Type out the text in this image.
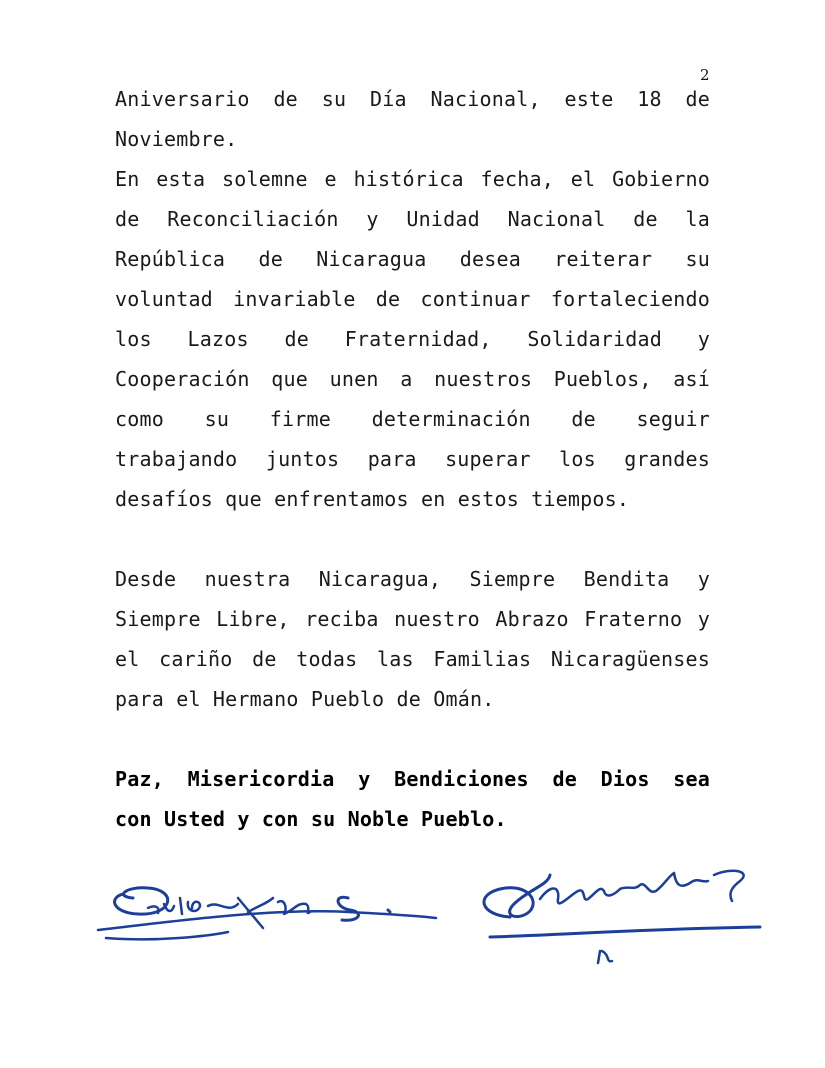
2
Aniversario de su Día Nacional, este 18 de
Noviembre.
En esta solemne e histórica fecha, el Gobierno
de Reconciliación y Unidad Nacional de la
República de Nicaragua desea reiterar su
voluntad invariable de continuar fortaleciendo
los Lazos de Fraternidad, Solidaridad y
Cooperación que unen a nuestros Pueblos, así
como su firme determinación de seguir
trabajando juntos para superar los grandes
desafíos que enfrentamos en estos tiempos.
Desde nuestra Nicaragua, Siempre Bendita y
Siempre Libre, reciba nuestro Abrazo Fraterno y
el cariño de todas las Familias Nicaragüenses
para el Hermano Pueblo de Omán.
Paz, Misericordia y Bendiciones de Dios sea
con Usted y con su Noble Pueblo.
